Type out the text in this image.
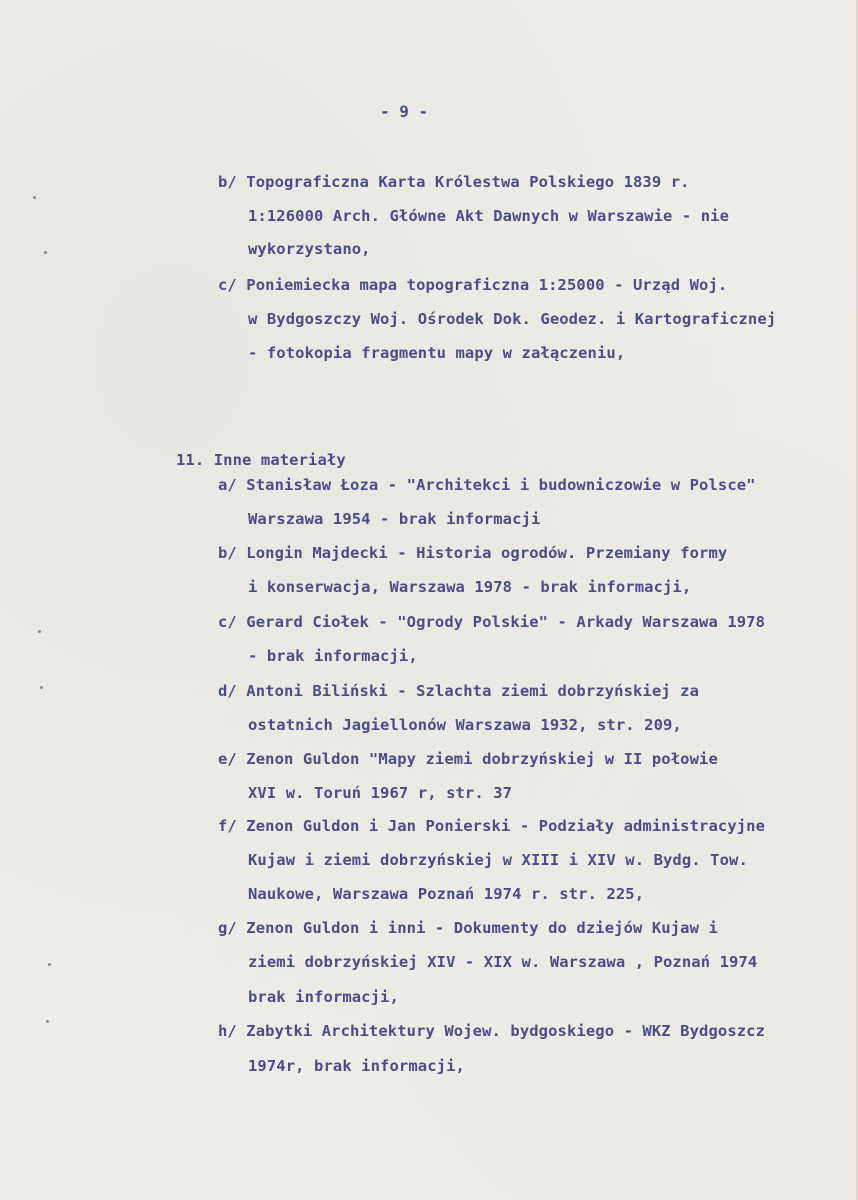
- 9 -
b/ Topograficzna Karta Królestwa Polskiego 1839 r.
1:126000 Arch. Główne Akt Dawnych w Warszawie - nie
wykorzystano,
c/ Poniemiecka mapa topograficzna 1:25000 - Urząd Woj.
w Bydgoszczy Woj. Ośrodek Dok. Geodez. i Kartograficznej
- fotokopia fragmentu mapy w załączeniu,
11. Inne materiały
a/ Stanisław Łoza - "Architekci i budowniczowie w Polsce"
Warszawa 1954 - brak informacji
b/ Longin Majdecki - Historia ogrodów. Przemiany formy
i konserwacja, Warszawa 1978 - brak informacji,
c/ Gerard Ciołek - "Ogrody Polskie" - Arkady Warszawa 1978
- brak informacji,
d/ Antoni Biliński - Szlachta ziemi dobrzyńskiej za
ostatnich Jagiellonów Warszawa 1932, str. 209,
e/ Zenon Guldon "Mapy ziemi dobrzyńskiej w II połowie
XVI w. Toruń 1967 r, str. 37
f/ Zenon Guldon i Jan Ponierski - Podziały administracyjne
Kujaw i ziemi dobrzyńskiej w XIII i XIV w. Bydg. Tow.
Naukowe, Warszawa Poznań 1974 r. str. 225,
g/ Zenon Guldon i inni - Dokumenty do dziejów Kujaw i
ziemi dobrzyńskiej XIV - XIX w. Warszawa , Poznań 1974
brak informacji,
h/ Zabytki Architektury Wojew. bydgoskiego - WKZ Bydgoszcz
1974r, brak informacji,
